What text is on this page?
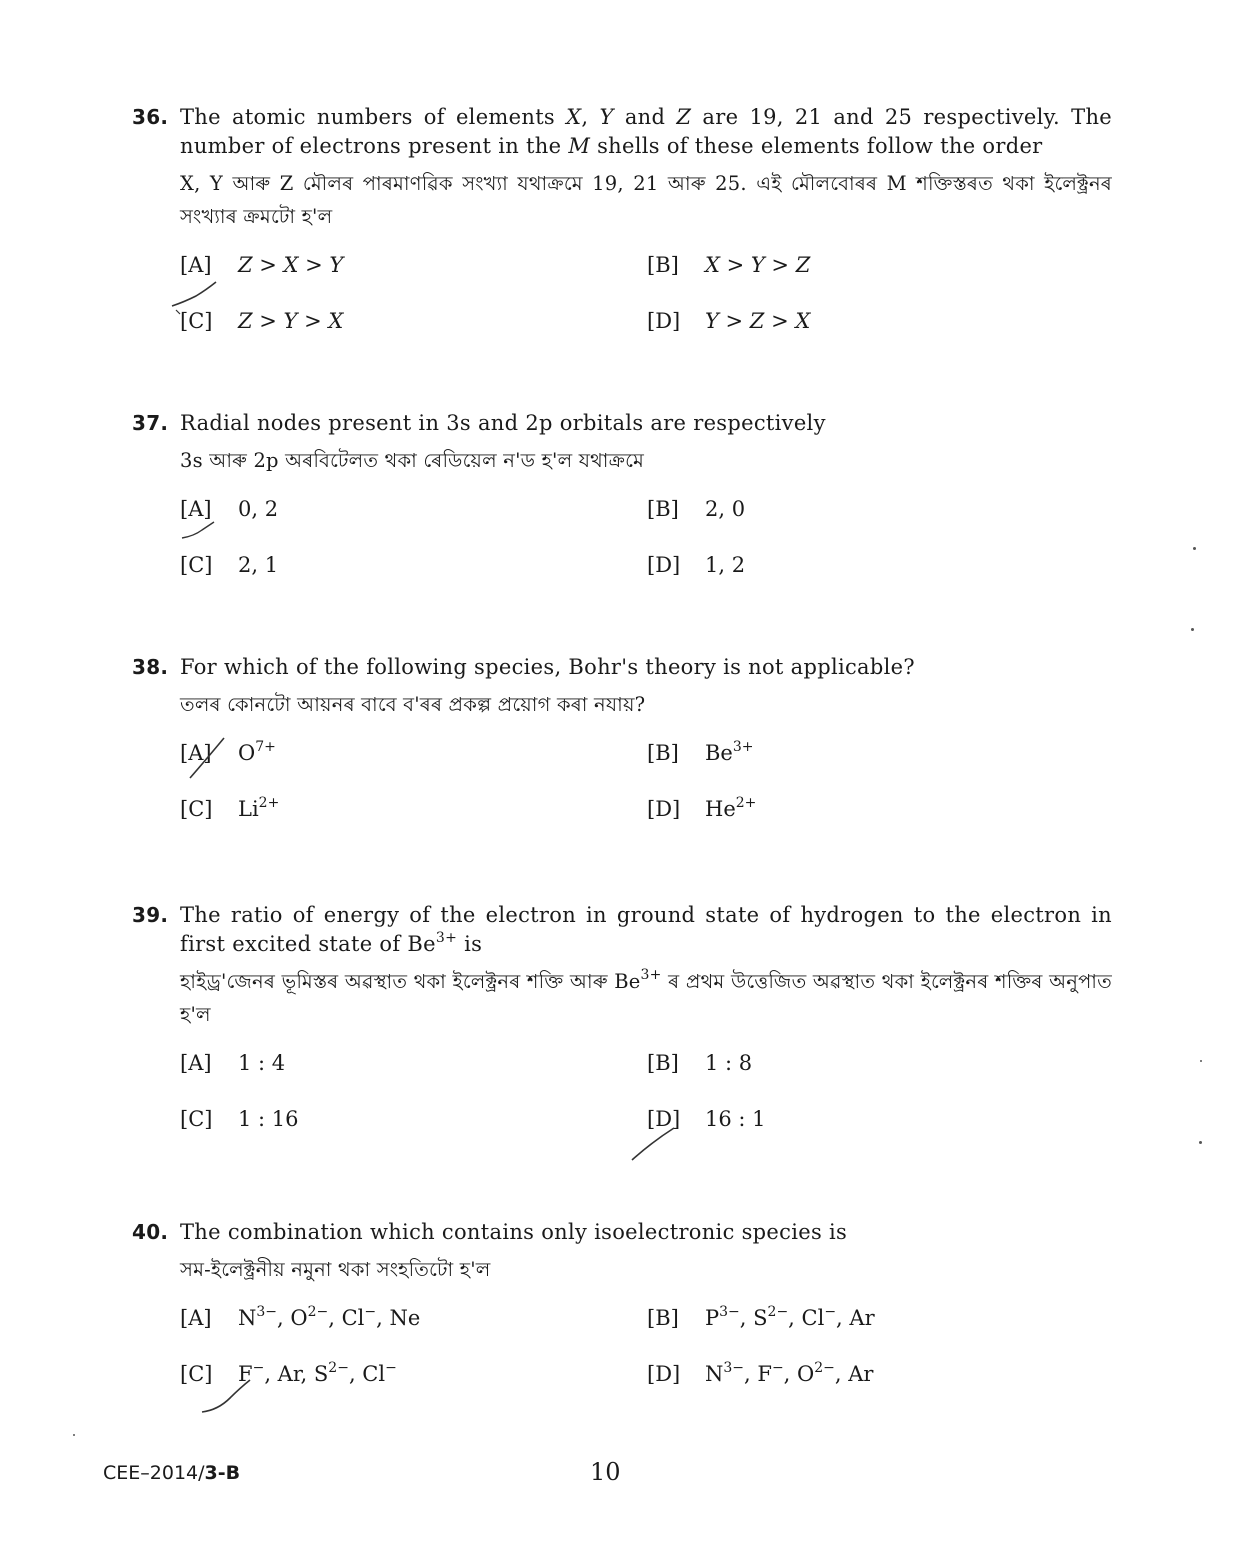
36. The atomic numbers of elements X, Y and Z are 19, 21 and 25 respectively. The number of electrons present in the M shells of these elements follow the order
X, Y আৰু Z মৌলৰ পাৰমাণৱিক সংখ্যা যথাক্ৰমে 19, 21 আৰু 25. এই মৌলবোৰৰ M শক্তিস্তৰত থকা ইলেক্ট্ৰনৰ সংখ্যাৰ ক্ৰমটো হ'ল
[A]	Z > X > Y	[B]	X > Y > Z
[C]	Z > Y > X	[D]	Y > Z > X
37. Radial nodes present in 3s and 2p orbitals are respectively
3s আৰু 2p অৰবিটেলত থকা ৰেডিয়েল ন'ড হ'ল যথাক্ৰমে
[A]	0, 2	[B]	2, 0
[C]	2, 1	[D]	1, 2
38. For which of the following species, Bohr's theory is not applicable?
তলৰ কোনটো আয়নৰ বাবে ব'ৰৰ প্ৰকল্প প্ৰয়োগ কৰা নযায়?
[A]	$O^{7+}$	[B]	$Be^{3+}$
[C]	$Li^{2+}$	[D]	$He^{2+}$
39. The ratio of energy of the electron in ground state of hydrogen to the electron in first excited state of $Be^{3+}$ is
হাইড্ৰ'জেনৰ ভূমিস্তৰ অৱস্থাত থকা ইলেক্ট্ৰনৰ শক্তি আৰু $Be^{3+}$ ৰ প্ৰথম উত্তেজিত অৱস্থাত থকা ইলেক্ট্ৰনৰ শক্তিৰ অনুপাত হ'ল
[A]	1 : 4	[B]	1 : 8
[C]	1 : 16	[D]	16 : 1
40. The combination which contains only isoelectronic species is
সম-ইলেক্ট্ৰনীয় নমুনা থকা সংহতিটো হ'ল
[A]	$N^{3-}$, $O^{2-}$, Cl−, Ne	[B]	$P^{3-}$, $S^{2-}$, Cl−, Ar
[C]	F−, Ar, $S^{2-}$, Cl−	[D]	$N^{3-}$, F−, $O^{2-}$, Ar
CEE–2014/3-B	10
